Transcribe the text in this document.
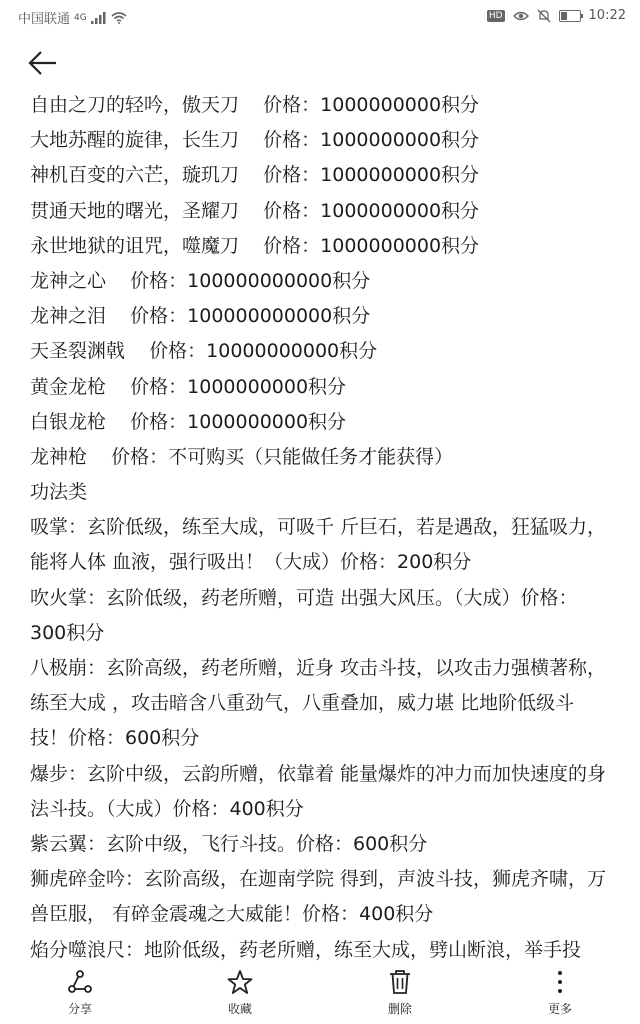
中国联通 4G	HD	10:22
自由之刀的轻吟，傲天刀    价格：1000000000积分
大地苏醒的旋律，长生刀    价格：1000000000积分
神机百变的六芒，璇玑刀    价格：1000000000积分
贯通天地的曙光，圣耀刀    价格：1000000000积分
永世地狱的诅咒，噬魔刀    价格：1000000000积分
龙神之心    价格：100000000000积分
龙神之泪    价格：100000000000积分
天圣裂渊戟    价格：10000000000积分
黄金龙枪    价格：1000000000积分
白银龙枪    价格：1000000000积分
龙神枪    价格：不可购买（只能做任务才能获得）
功法类
吸掌：玄阶低级，练至大成，可吸千 斤巨石，若是遇敌，狂猛吸力，
能将人体 血液，强行吸出！（大成）价格：200积分
吹火掌：玄阶低级，药老所赠，可造 出强大风压。（大成）价格：
300积分
八极崩：玄阶高级，药老所赠，近身 攻击斗技，以攻击力强横著称，
练至大成 ，攻击暗含八重劲气，八重叠加，威力堪 比地阶低级斗
技！价格：600积分
爆步：玄阶中级，云韵所赠，依靠着 能量爆炸的冲力而加快速度的身
法斗技。（大成）价格：400积分
紫云翼：玄阶中级，飞行斗技。价格：600积分
狮虎碎金吟：玄阶高级，在迦南学院 得到，声波斗技，狮虎齐啸，万
兽臣服， 有碎金震魂之大威能！价格：400积分
焰分噬浪尺：地阶低级，药老所赠，练至大成，劈山断浪，举手投
分享	收藏	删除	更多
